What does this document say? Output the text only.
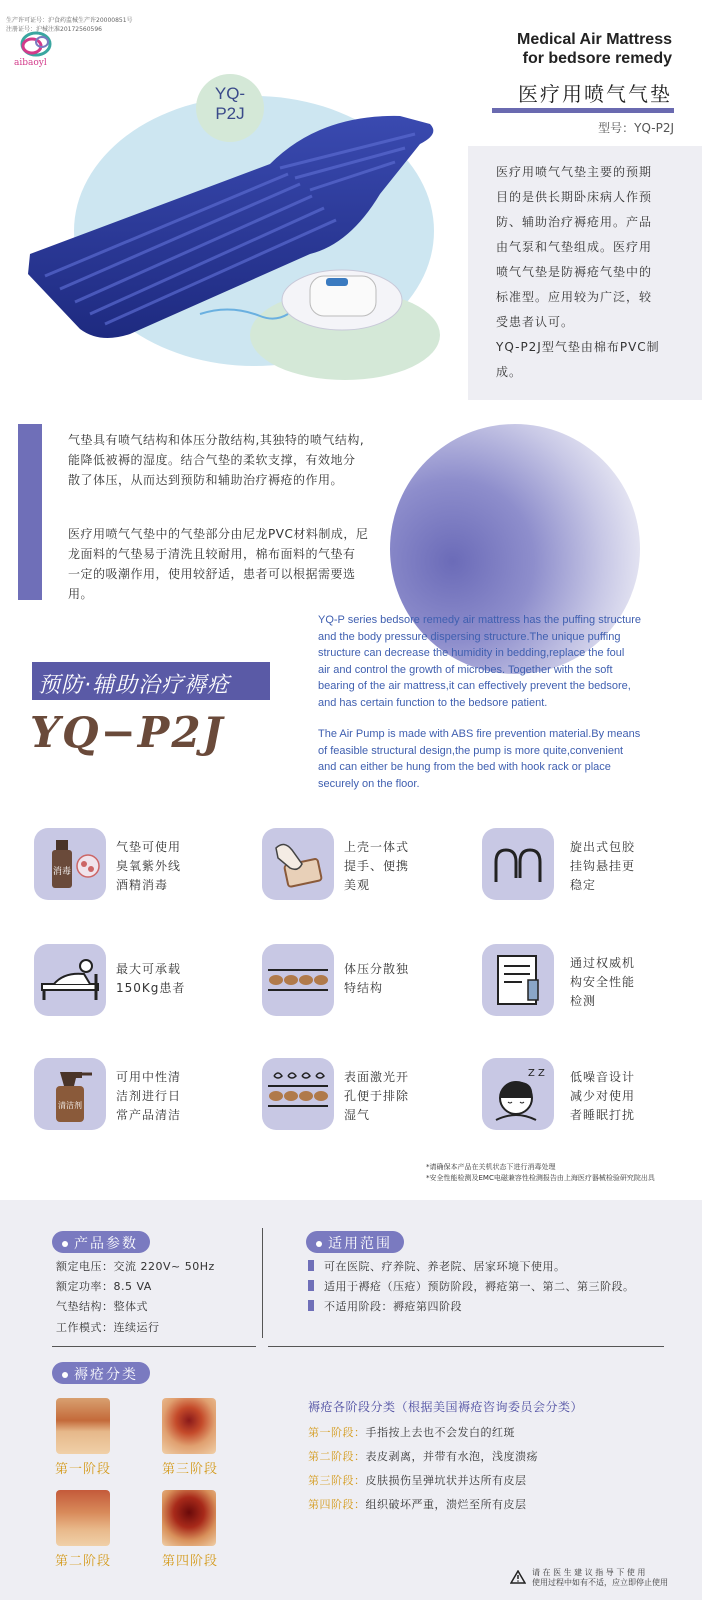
生产许可证号：沪食药监械生产许20000851号
注册证号：沪械注准20172560596
aibaoyl
Medical Air Mattress
for bedsore remedy
医疗用喷气气垫
型号：YQ-P2J
YQ-
P2J
医疗用喷气气垫主要的预期
目的是供长期卧床病人作预
防、辅助治疗褥疮用。产品
由气泵和气垫组成。医疗用
喷气气垫是防褥疮气垫中的
标准型。应用较为广泛，较
受患者认可。
YQ-P2J型气垫由棉布PVC制
成。
气垫具有喷气结构和体压分散结构,其独特的喷气结构,
能降低被褥的湿度。结合气垫的柔软支撑，有效地分
散了体压，从而达到预防和辅助治疗褥疮的作用。
医疗用喷气气垫中的气垫部分由尼龙PVC材料制成，尼
龙面料的气垫易于清洗且较耐用，棉布面料的气垫有
一定的吸潮作用，使用较舒适，患者可以根据需要选
用。
YQ-P series bedsore remedy air mattress has the puffing structure
and the body pressure dispersing structure.The unique puffing
structure can decrease the humidity in bedding,replace the foul
air and control the growth of microbes. Together with the soft
bearing of the air mattress,it can effectively prevent the bedsore,
and has certain function to the bedsore patient.
The Air Pump is made with ABS fire prevention material.By means
of feasible structural design,the pump is more quite,convenient
and can either be hung from the bed with hook rack or place
securely on the floor.
预防·辅助治疗褥疮
YQ−P2J
消毒
气垫可使用
臭氧紫外线
酒精消毒
上壳一体式
提手、便携
美观
旋出式包胶
挂钩悬挂更
稳定
最大可承载
150Kg患者
体压分散独
特结构
通过权威机
构安全性能
检测
清洁剂
可用中性清
洁剂进行日
常产品清洁
表面激光开
孔便于排除
湿气
Z Z 低噪音设计
减少对使用
者睡眠打扰
*请确保本产品在关机状态下进行消毒处理
*安全性能检测及EMC电磁兼容性检测报告由上海医疗器械检验研究院出具
产品参数
额定电压：交流 220V~ 50Hz
额定功率：8.5 VA
气垫结构：整体式
工作模式：连续运行
适用范围
可在医院、疗养院、养老院、居家环境下使用。
适用于褥疮（压疮）预防阶段，褥疮第一、第二、第三阶段。
不适用阶段：褥疮第四阶段
褥疮分类
第一阶段	第三阶段
第二阶段	第四阶段
褥疮各阶段分类（根据美国褥疮咨询委员会分类）
第一阶段：手指按上去也不会发白的红斑
第二阶段：表皮剥离，并带有水泡，浅度溃疡
第三阶段：皮肤损伤呈弹坑状并达所有皮层
第四阶段：组织破坏严重，溃烂至所有皮层
请 在 医 生 建 议 指 导 下 使 用
使用过程中如有不适，应立即停止使用
